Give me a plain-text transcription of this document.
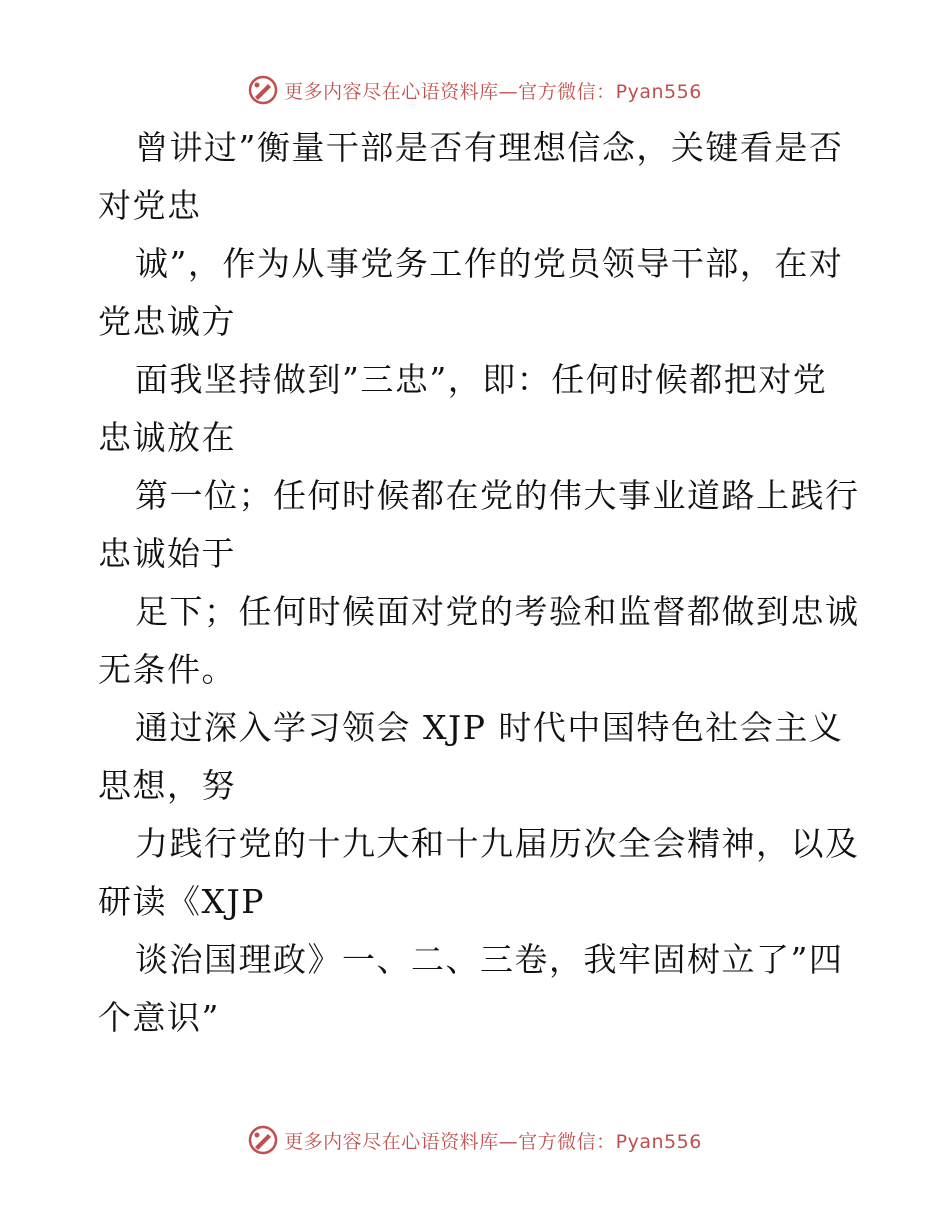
更多内容尽在心语资料库—官方微信：Pyan556
曾讲过”衡量干部是否有理想信念，关键看是否
对党忠
诚”，作为从事党务工作的党员领导干部，在对
党忠诚方
面我坚持做到”三忠”，即：任何时候都把对党
忠诚放在
第一位；任何时候都在党的伟大事业道路上践行
忠诚始于
足下；任何时候面对党的考验和监督都做到忠诚
无条件。
通过深入学习领会 XJP 时代中国特色社会主义
思想，努
力践行党的十九大和十九届历次全会精神，以及
研读《XJP
谈治国理政》一、二、三卷，我牢固树立了”四
个意识”
更多内容尽在心语资料库—官方微信：Pyan556
